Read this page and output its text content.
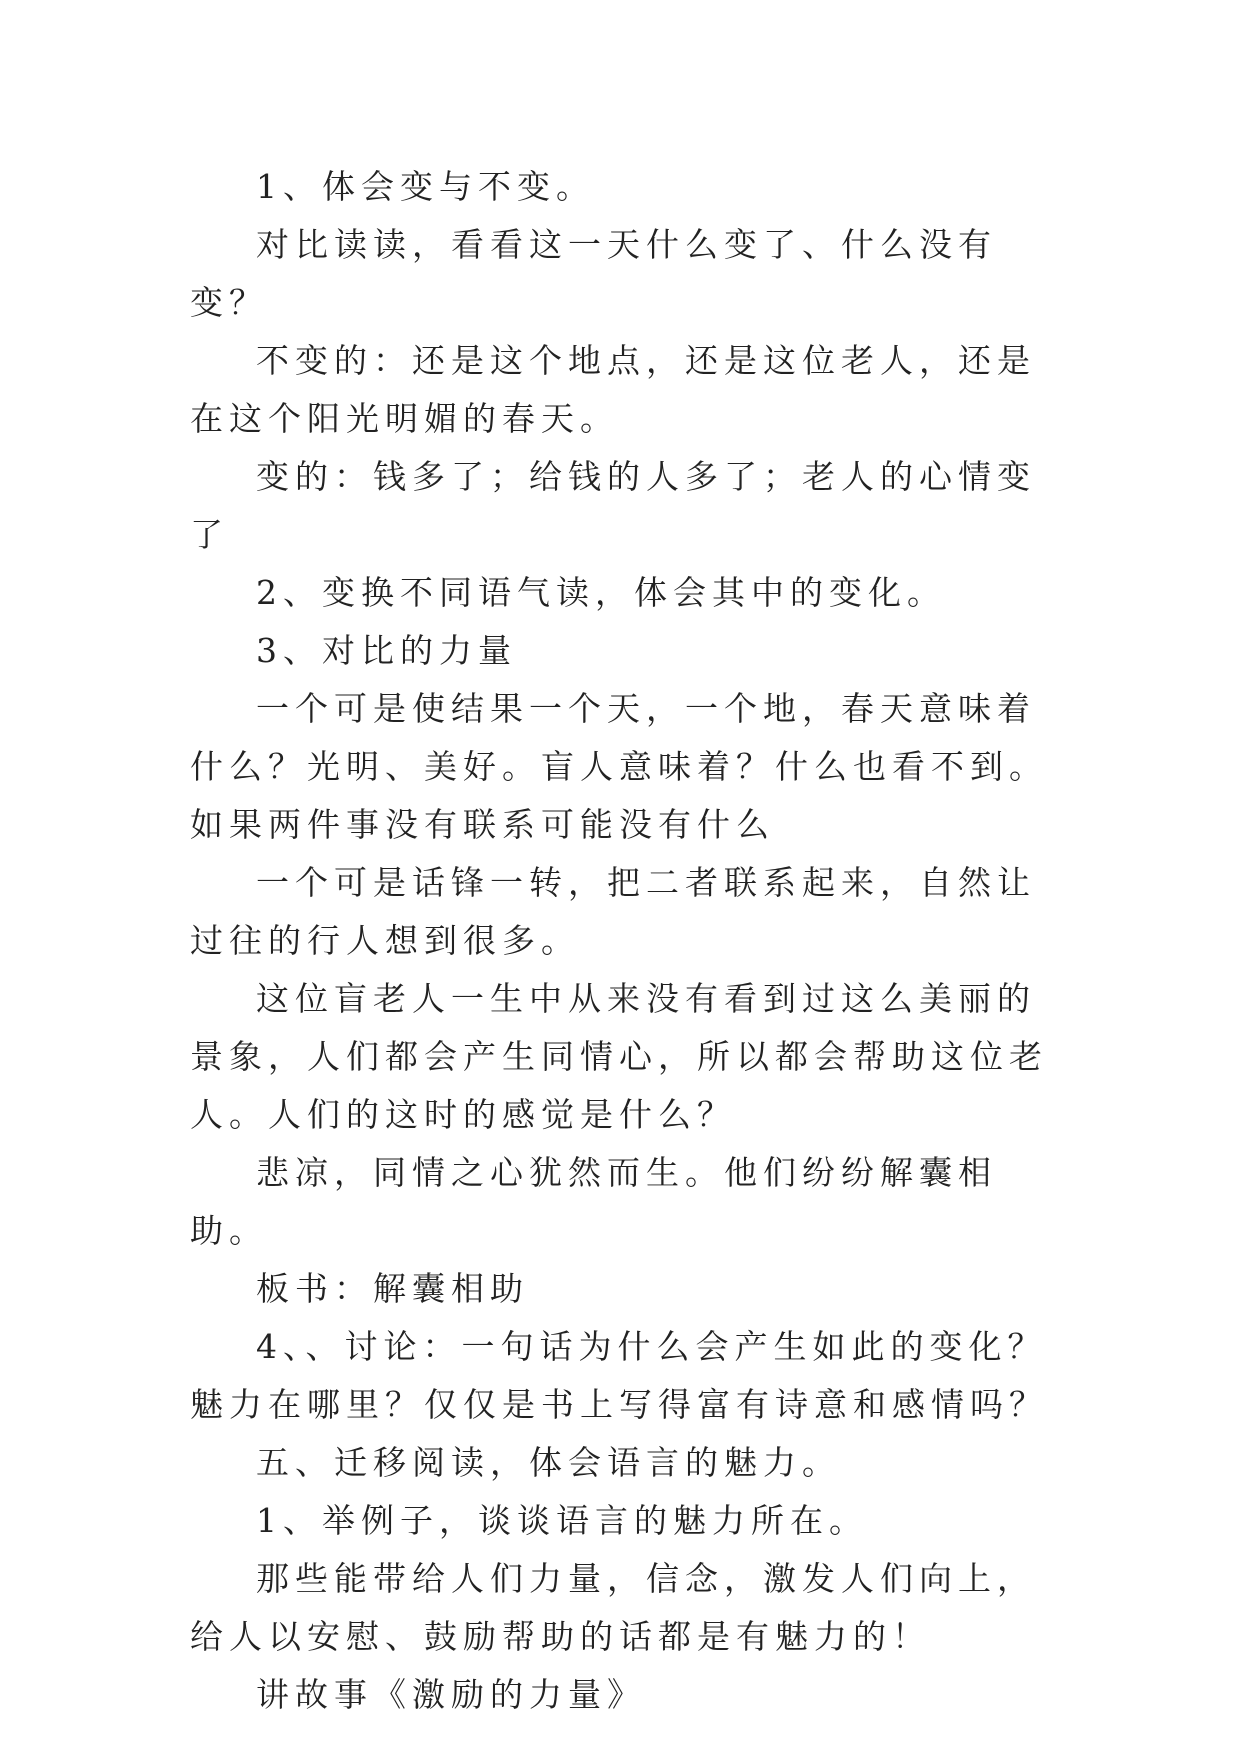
1、体会变与不变。

对比读读，看看这一天什么变了、什么没有变？

不变的：还是这个地点，还是这位老人，还是在这个阳光明媚的春天。

变的：钱多了；给钱的人多了；老人的心情变了

2、变换不同语气读，体会其中的变化。

3、对比的力量

一个可是使结果一个天，一个地，春天意味着什么？光明、美好。盲人意味着？什么也看不到。如果两件事没有联系可能没有什么

一个可是话锋一转，把二者联系起来，自然让过往的行人想到很多。

这位盲老人一生中从来没有看到过这么美丽的景象，人们都会产生同情心，所以都会帮助这位老人。人们的这时的感觉是什么？

悲凉，同情之心犹然而生。他们纷纷解囊相助。

板书：解囊相助

4、、讨论：一句话为什么会产生如此的变化？魅力在哪里？仅仅是书上写得富有诗意和感情吗？

五、迁移阅读，体会语言的魅力。

1、举例子，谈谈语言的魅力所在。

那些能带给人们力量，信念，激发人们向上，给人以安慰、鼓励帮助的话都是有魅力的！

讲故事《激励的力量》
